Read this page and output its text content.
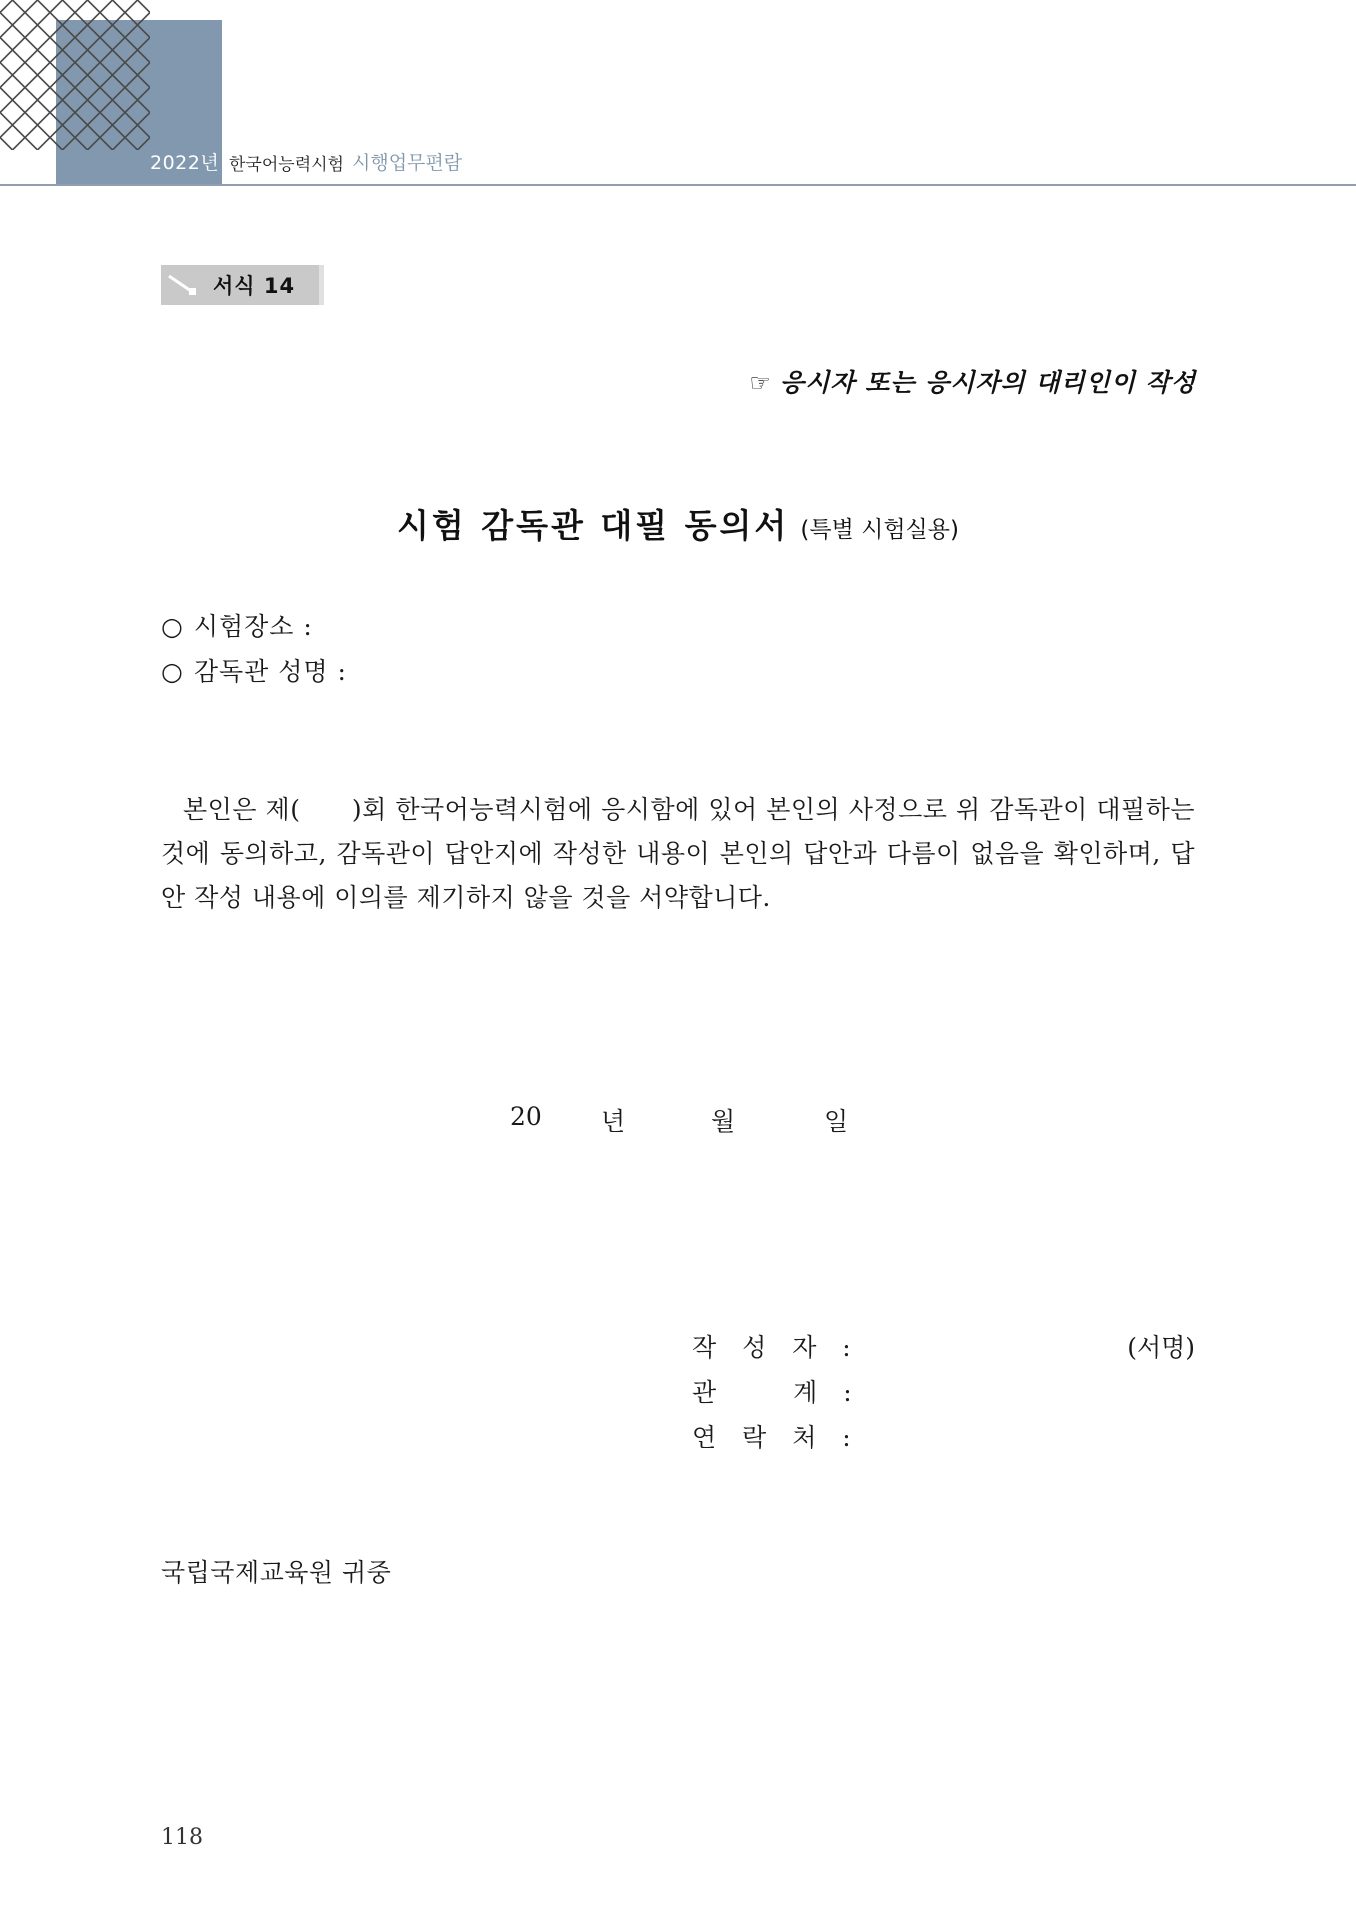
2022년 한국어능력시험 시행업무편람
서식 14
☞ 응시자 또는 응시자의 대리인이 작성
시험 감독관 대필 동의서 (특별 시험실용)
○ 시험장소 :
○ 감독관 성명 :
본인은 제(　　)회 한국어능력시험에 응시함에 있어 본인의 사정으로 위 감독관이 대필하는 것에 동의하고, 감독관이 답안지에 작성한 내용이 본인의 답안과 다름이 없음을 확인하며, 답안 작성 내용에 이의를 제기하지 않을 것을 서약합니다.
20 년	월	일
작 성 자 :	(서명)
관　　계 :
연 락 처 :
국립국제교육원 귀중
118
